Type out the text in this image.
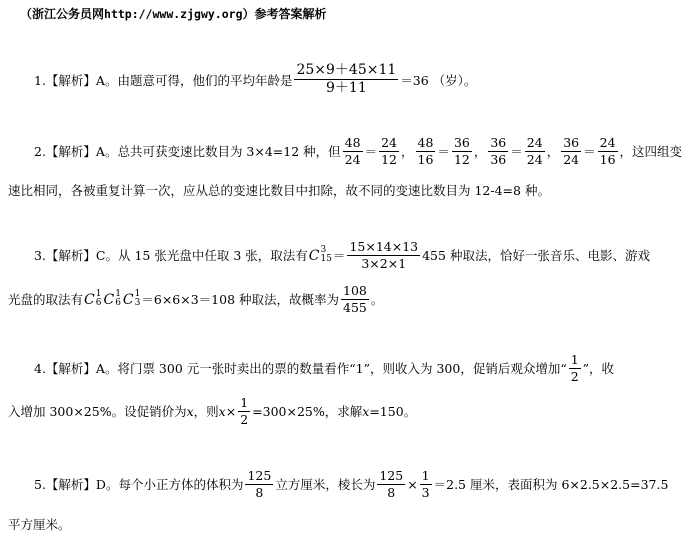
（浙江公务员网http://www.zjgwy.org）参考答案解析
1.【解析】A。由题意可得，他们的平均年龄是 $\frac{25\times 9+45\times 11}{9+11} =36$ （岁）。
2.【解析】A。总共可获变速比数目为 3×4=12 种，但 $\frac{48}{24} = \frac{24}{12}$ ， $\frac{48}{16} = \frac{36}{12}$ ， $\frac{36}{36} = \frac{24}{24}$ ， $\frac{36}{24} = \frac{24}{16}$ ，这四组变
速比相同，各被重复计算一次，应从总的变速比数目中扣除，故不同的变速比数目为 12-4=8 种。
3.【解析】C。从 15 张光盘中任取 3 张，取法有 C 3
$15 = \frac{15\times 14\times 13}{3\times 2\times 1} 455$ 种取法，恰好一张音乐、电影、游戏
光盘的取法有 C 1
6 C 1
6 C 1
3 ＝6×6×3＝108 种取法，故概率为 $\frac{108}{455}$ 。
4.【解析】A。将门票 300 元一张时卖出的票的数量看作“1”，则收入为 300，促销后观众增加“ $\frac{1}{2}$ ”，收
入增加 300×25%。设促销价为 x ，则 $x \times \frac{1}{2} =300\times 25\%$，求解 x =150。
5.【解析】D。每个小正方体的体积为 $\frac{125}{8}$ 立方厘米，棱长为 $\frac{125}{8} \times \frac{1}{3} =2.5$ 厘米，表面积为 6×2.5×2.5=37.5
平方厘米。
